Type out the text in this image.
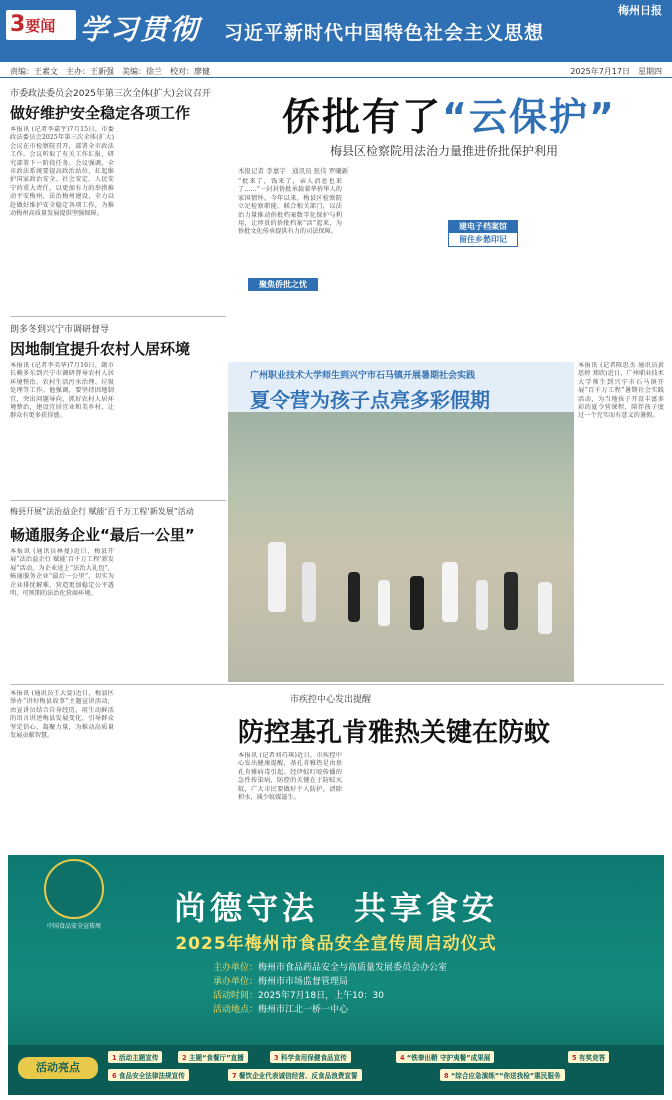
3要闻 学习贯彻 习近平新时代中国特色社会主义思想
梅州日报
责编：王素文　主办：王新强　美编：徐兰　校对：廖健	2025年7月17日　星期四
市委政法委员会2025年第三次全体(扩大)会议召开
做好维护安全稳定各项工作
本报讯 (记者李嘉宇)7月15日，市委政法委员会2025年第三次全体(扩大)会议在市检察院召开，部署全市政法工作。会议听取了有关工作汇报，研究部署下一阶段任务。会议强调，全市政法系统要提高政治站位，扛起维护国家政治安全、社会安定、人民安宁的重大责任，以更加有力的举措推动平安梅州、法治梅州建设，全力以赴做好维护安全稳定各项工作，为推动梅州高质量发展提供坚强保障。
朗多冬到兴宁市调研督导
因地制宜提升农村人居环境
本报讯 (记者李美华)7月16日，副市长赖多东到兴宁市调研督导农村人居环境整治、农村生活污水治理、垃圾处理等工作。他强调，要坚持因地制宜，突出问题导向，抓好农村人居环境整治，建设宜居宜业和美乡村，让群众有更多获得感。
梅县开展“法治益企行 赋能‘百千万工程’新发展”活动
畅通服务企业“最后一公里”
本报讯 (通讯员林曼)近日，梅县开展“法治益企行 赋能‘百千万工程’新发展”活动，为企业送上“法治大礼包”，畅通服务企业“最后一公里”，切实为企业排忧解难，营造更加稳定公平透明、可预期的法治化营商环境。
侨批有了“云保护”
梅县区检察院用法治力量推进侨批保护利用
本报记者 李嘉宇　通讯员 张伟 罗曦新
“批来了，钱来了，亲人消息也来了……”一封封侨批承载着华侨华人的家国情怀。今年以来，梅县区检察院立足检察职能，联合相关部门，以法治力量推动侨批档案数字化保护与利用，让珍贵的侨批档案“活”起来，为侨批文化传承提供有力的司法保障。
聚焦侨批之忧
建电子档案馆
留住乡愁印记
广州职业技术大学师生到兴宁市石马镇开展暑期社会实践
夏令营为孩子点亮多彩假期
本报讯 (记者陈思杰 通讯员黄思婷 郑欣)近日，广州职业技术大学师生到兴宁市石马镇开展“百千万工程”暑期社会实践活动，为当地孩子开设丰富多彩的夏令营课程，陪伴孩子度过一个充实而有意义的暑假。
市疾控中心发出提醒
防控基孔肯雅热关键在防蚊
本报讯 (记者刘巧琪)近日，市疾控中心发出健康提醒，基孔肯雅热是由基孔肯雅病毒引起、经伊蚊叮咬传播的急性传染病，防控的关键在于防蚊灭蚊，广大市民要做好个人防护，清除积水，减少蚊媒滋生。
本报讯 (通讯员王大姿)近日，梅县区举办“讲好梅县故事”主题宣讲活动，由宣讲员结合自身经历，用生动鲜活的语言讲述梅县发展变化，引导群众坚定信心、凝聚力量，为推动高质量发展贡献智慧。
中国食品安全宣传周	尚德守法　 共享食安
2025年梅州市食品安全宣传周启动仪式
主办单位：梅州市食品药品安全与高质量发展委员会办公室
承办单位：梅州市市场监督管理局
活动时间：2025年7月18日，上午10：30
活动地点：梅州市江北一桥一中心
活动亮点
1 活动主题宣传	2 主题“食餐厅”直播	3 科学食用保健食品宣传	4 “铁拳出鞘 守护夷餐”成果展	5 有奖竞答
6 食品安全法律法规宣传	7 餐饮企业代表诚信经营、反食品浪费宣誓	8 “综合应急演练”“你送我检”惠民服务
